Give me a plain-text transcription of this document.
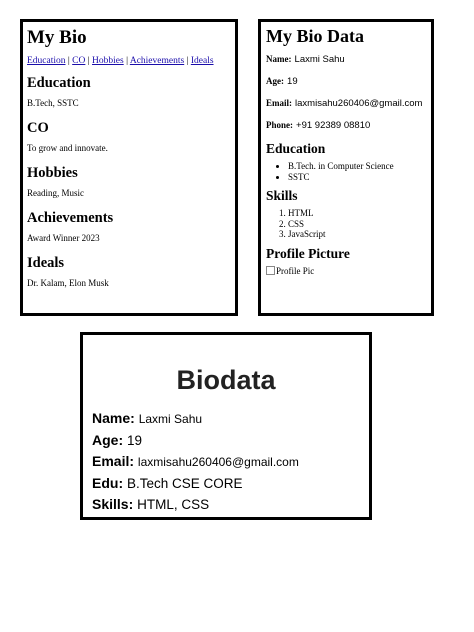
My Bio
Education | CO | Hobbies | Achievements | Ideals
Education

B.Tech, SSTC

CO

To grow and innovate.

Hobbies

Reading, Music

Achievements

Award Winner 2023

Ideals

Dr. Kalam, Elon Musk

My Bio Data
Name: Laxmi Sahu
Age: 19
Email: laxmisahu260406@gmail.com
Phone: +91 92389 08810
Education
• B.Tech. in Computer Science
• SSTC
Skills
1. HTML
2. CSS
3. JavaScript
Profile Picture
Profile Pic
Biodata
Name: Laxmi Sahu
Age: 19
Email: laxmisahu260406@gmail.com
Edu: B.Tech CSE CORE
Skills: HTML, CSS
